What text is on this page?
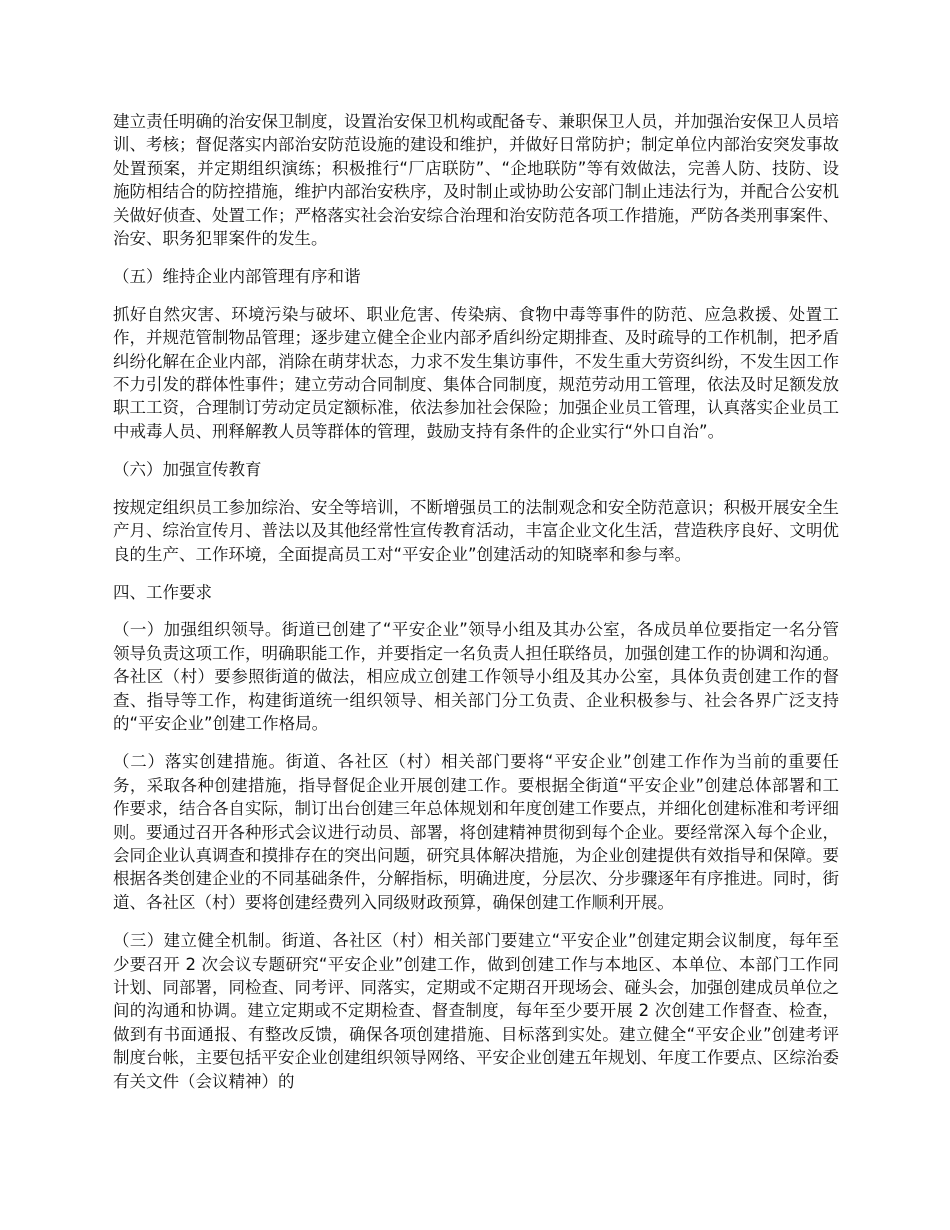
建立责任明确的治安保卫制度，设置治安保卫机构或配备专、兼职保卫人员，并加强治安保卫人员培训、考核；督促落实内部治安防范设施的建设和维护，并做好日常防护；制定单位内部治安突发事故处置预案，并定期组织演练；积极推行“厂店联防”、“企地联防”等有效做法，完善人防、技防、设施防相结合的防控措施，维护内部治安秩序，及时制止或协助公安部门制止违法行为，并配合公安机关做好侦查、处置工作；严格落实社会治安综合治理和治安防范各项工作措施，严防各类刑事案件、治安、职务犯罪案件的发生。

（五）维持企业内部管理有序和谐

抓好自然灾害、环境污染与破坏、职业危害、传染病、食物中毒等事件的防范、应急救援、处置工作，并规范管制物品管理；逐步建立健全企业内部矛盾纠纷定期排查、及时疏导的工作机制，把矛盾纠纷化解在企业内部，消除在萌芽状态，力求不发生集访事件，不发生重大劳资纠纷，不发生因工作不力引发的群体性事件；建立劳动合同制度、集体合同制度，规范劳动用工管理，依法及时足额发放职工工资，合理制订劳动定员定额标准，依法参加社会保险；加强企业员工管理，认真落实企业员工中戒毒人员、刑释解教人员等群体的管理，鼓励支持有条件的企业实行“外口自治”。

（六）加强宣传教育

按规定组织员工参加综治、安全等培训，不断增强员工的法制观念和安全防范意识；积极开展安全生产月、综治宣传月、普法以及其他经常性宣传教育活动，丰富企业文化生活，营造秩序良好、文明优良的生产、工作环境，全面提高员工对“平安企业”创建活动的知晓率和参与率。

四、工作要求

（一）加强组织领导。街道已创建了“平安企业”领导小组及其办公室，各成员单位要指定一名分管领导负责这项工作，明确职能工作，并要指定一名负责人担任联络员，加强创建工作的协调和沟通。各社区（村）要参照街道的做法，相应成立创建工作领导小组及其办公室，具体负责创建工作的督查、指导等工作，构建街道统一组织领导、相关部门分工负责、企业积极参与、社会各界广泛支持的“平安企业”创建工作格局。

（二）落实创建措施。街道、各社区（村）相关部门要将“平安企业”创建工作作为当前的重要任务，采取各种创建措施，指导督促企业开展创建工作。要根据全街道“平安企业”创建总体部署和工作要求，结合各自实际，制订出台创建三年总体规划和年度创建工作要点，并细化创建标准和考评细则。要通过召开各种形式会议进行动员、部署，将创建精神贯彻到每个企业。要经常深入每个企业，会同企业认真调查和摸排存在的突出问题，研究具体解决措施，为企业创建提供有效指导和保障。要根据各类创建企业的不同基础条件，分解指标，明确进度，分层次、分步骤逐年有序推进。同时，街道、各社区（村）要将创建经费列入同级财政预算，确保创建工作顺利开展。

（三）建立健全机制。街道、各社区（村）相关部门要建立“平安企业”创建定期会议制度，每年至少要召开 2 次会议专题研究“平安企业”创建工作，做到创建工作与本地区、本单位、本部门工作同计划、同部署，同检查、同考评、同落实，定期或不定期召开现场会、碰头会，加强创建成员单位之间的沟通和协调。建立定期或不定期检查、督查制度，每年至少要开展 2 次创建工作督查、检查，做到有书面通报、有整改反馈，确保各项创建措施、目标落到实处。建立健全“平安企业”创建考评制度台帐，主要包括平安企业创建组织领导网络、平安企业创建五年规划、年度工作要点、区综治委有关文件（会议精神）的
